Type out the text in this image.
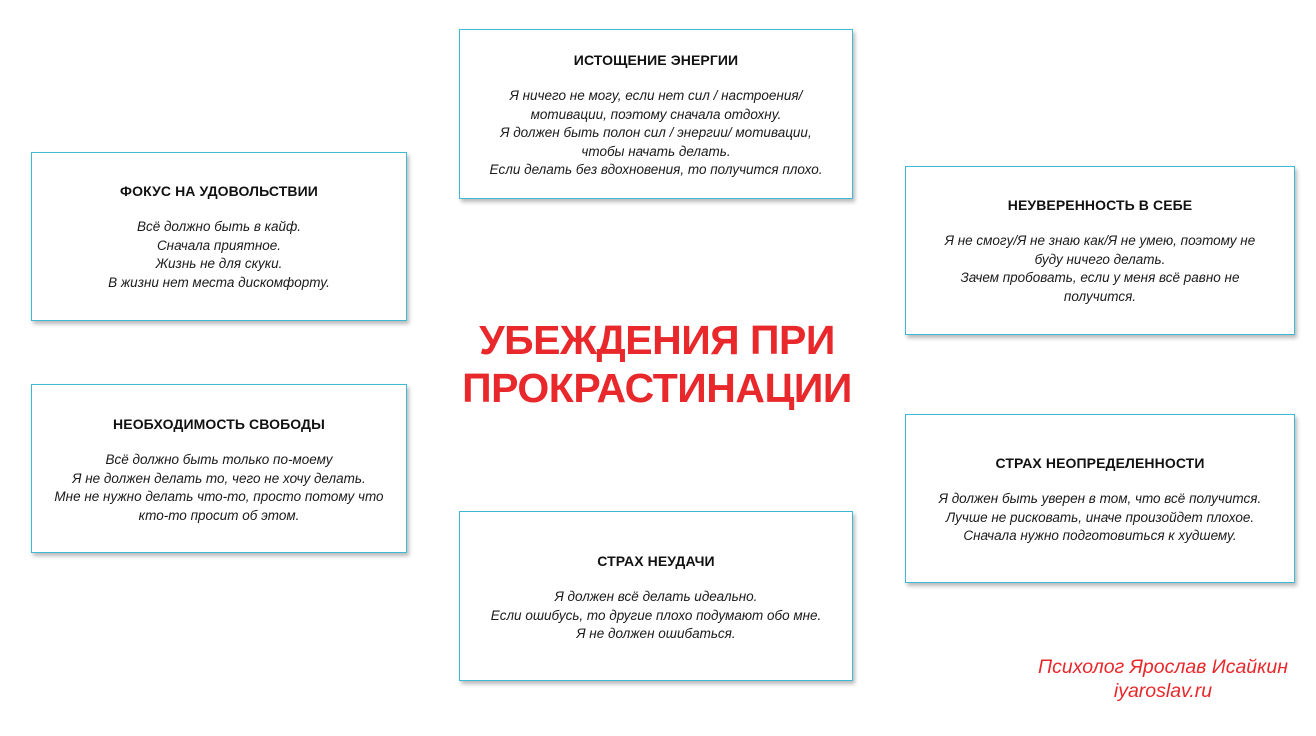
ИСТОЩЕНИЕ ЭНЕРГИИ
Я ничего не могу, если нет сил / настроения/
мотивации, поэтому сначала отдохну.
Я должен быть полон сил / энергии/ мотивации,
чтобы начать делать.
Если делать без вдохновения, то получится плохо.
ФОКУС НА УДОВОЛЬСТВИИ
Всё должно быть в кайф.
Сначала приятное.
Жизнь не для скуки.
В жизни нет места дискомфорту.
НЕУВЕРЕННОСТЬ В СЕБЕ
Я не смогу/Я не знаю как/Я не умею, поэтому не
буду ничего делать.
Зачем пробовать, если у меня всё равно не
получится.
НЕОБХОДИМОСТЬ СВОБОДЫ
Всё должно быть только по-моему
Я не должен делать то, чего не хочу делать.
Мне не нужно делать что-то, просто потому что
кто-то просит об этом.
СТРАХ НЕОПРЕДЕЛЕННОСТИ
Я должен быть уверен в том, что всё получится.
Лучше не рисковать, иначе произойдет плохое.
Сначала нужно подготовиться к худшему.
СТРАХ НЕУДАЧИ
Я должен всё делать идеально.
Если ошибусь, то другие плохо подумают обо мне.
Я не должен ошибаться.
УБЕЖДЕНИЯ ПРИ
ПРОКРАСТИНАЦИИ
Психолог Ярослав Исайкин
iyaroslav.ru
